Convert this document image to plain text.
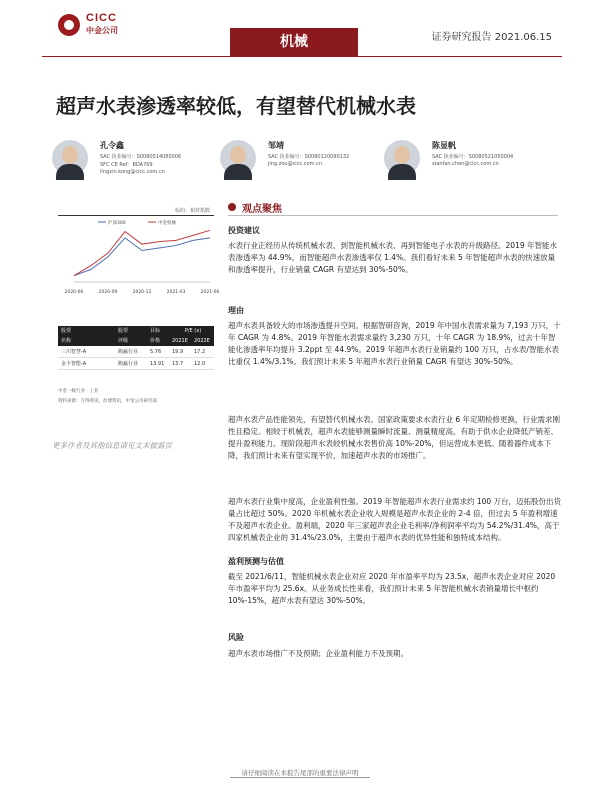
CICC
中金公司
机械	证券研究报告 2021.06.15
超声水表渗透率较低，有望替代机械水表
孔令鑫
SAC 执业编号：S0080514080006
SFC CE Ref：BDA769
lingxin.kong@cicc.com.cn
邹靖
SAC 执业编号：S0080120090132
jing.zou@cicc.com.cn
陈显帆
SAC 执业编号：S0080521050004
xianfan.chen@cicc.com.cn
标的：相对指数
沪深300	中金机械
2020-06	2020-09	2020-12	2021-03	2021-06
股票	股票	目标	P/E (x)
名称	评级	价格	2021E	2022E
三川智慧-A	跑赢行业	5.76	19.9	17.2
金卡智能-A	跑赢行业	13.91	13.7	12.0
中金一级行业：工业
资料来源：万得资讯，彭博资讯，中金公司研究部
更多作者及其他信息请见文末披露页
观点聚焦
投资建议
水表行业正经历从传统机械水表、到智能机械水表、再到智能电子水表的升级路径。2019 年智能水表渗透率为 44.9%，而智能超声水表渗透率仅 1.4%。我们看好未来 5 年智能超声水表的快速放量和渗透率提升，行业销量 CAGR 有望达到 30%-50%。
理由
超声水表具备较大的市场渗透提升空间。根据智研咨询，2019 年中国水表需求量为 7,193 万只，十年 CAGR 为 4.8%。2019 年智能水表需求量约 3,230 万只，十年 CAGR 为 18.9%，过去十年智能化渗透率年均提升 3.2ppt 至 44.9%。2019 年超声水表行业销量约 100 万只，占水表/智能水表比重仅 1.4%/3.1%。我们预计未来 5 年超声水表行业销量 CAGR 有望达 30%-50%。
超声水表产品性能领先，有望替代机械水表。国家政策要求水表行业 6 年定期检修更换，行业需求刚性且稳定。相较于机械表，超声水表能够测量瞬时流量、测量精度高，有助于供水企业降低产销差、提升盈利能力。现阶段超声水表较机械水表售价高 10%-20%，但运营成本更低。随着器件成本下降，我们预计未来有望实现平价，加速超声水表的市场推广。
超声水表行业集中度高，企业盈利性强。2019 年智能超声水表行业需求约 100 万台，迈拓股份出货量占比超过 50%。2020 年机械水表企业收入规模是超声水表企业的 2-4 倍，但过去 5 年盈利增速不及超声水表企业。盈利端，2020 年三家超声表企业毛利率/净利润率平均为 54.2%/31.4%，高于四家机械表企业的 31.4%/23.0%，主要由于超声水表的优异性能和独特成本结构。
盈利预测与估值
截至 2021/6/11，智能机械水表企业对应 2020 年市盈率平均为 23.5x，超声水表企业对应 2020 年市盈率平均为 25.6x。从业务成长性来看，我们预计未来 5 年智能机械水表销量增长中枢约 10%-15%，超声水表有望达 30%-50%。
风险
超声水表市场推广不及预期；企业盈利能力不及预期。
请仔细阅读在本报告尾部的重要法律声明
